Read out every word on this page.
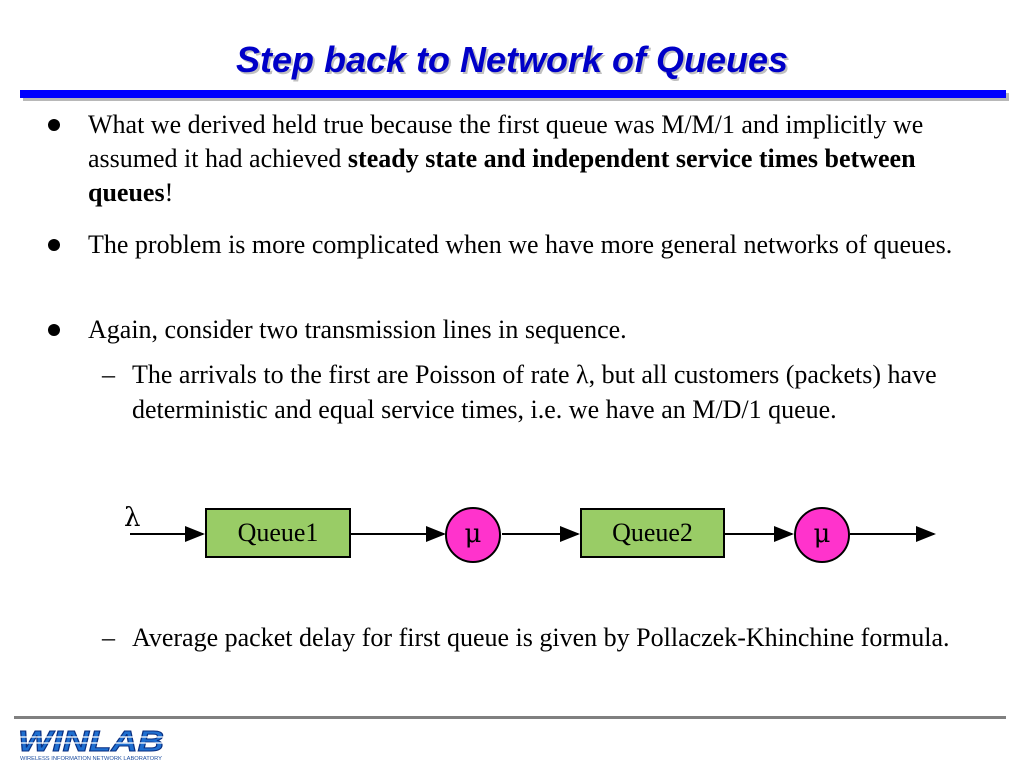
Step back to Network of Queues
What we derived held true because the first queue was M/M/1 and implicitly we assumed it had achieved steady state and independent service times between queues!
The problem is more complicated when we have more general networks of queues.
Again, consider two transmission lines in sequence.
– The arrivals to the first are Poisson of rate λ, but all customers (packets) have deterministic and equal service times, i.e. we have an M/D/1 queue.
λ	Queue1	μ	Queue2	μ
– Average packet delay for first queue is given by Pollaczek-Khinchine formula.
WINLAB
WIRELESS INFORMATION NETWORK LABORATORY
